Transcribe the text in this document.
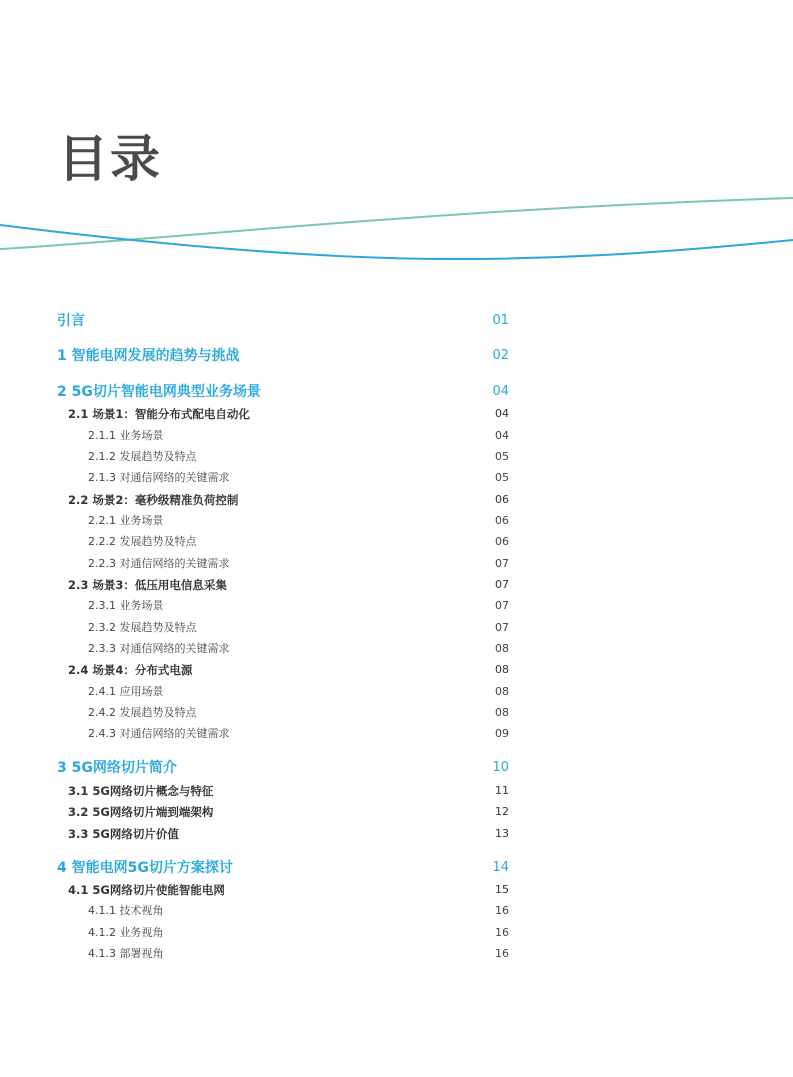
目录
引言	01
1 智能电网发展的趋势与挑战	02
2 5G切片智能电网典型业务场景	04
2.1 场景1：智能分布式配电自动化	04
2.1.1 业务场景	04
2.1.2 发展趋势及特点	05
2.1.3 对通信网络的关键需求	05
2.2 场景2：毫秒级精准负荷控制	06
2.2.1 业务场景	06
2.2.2 发展趋势及特点	06
2.2.3 对通信网络的关键需求	07
2.3 场景3：低压用电信息采集	07
2.3.1 业务场景	07
2.3.2 发展趋势及特点	07
2.3.3 对通信网络的关键需求	08
2.4 场景4：分布式电源	08
2.4.1 应用场景	08
2.4.2 发展趋势及特点	08
2.4.3 对通信网络的关键需求	09
3 5G网络切片简介	10
3.1 5G网络切片概念与特征	11
3.2 5G网络切片端到端架构	12
3.3 5G网络切片价值	13
4 智能电网5G切片方案探讨	14
4.1 5G网络切片使能智能电网	15
4.1.1 技术视角	16
4.1.2 业务视角	16
4.1.3 部署视角	16
